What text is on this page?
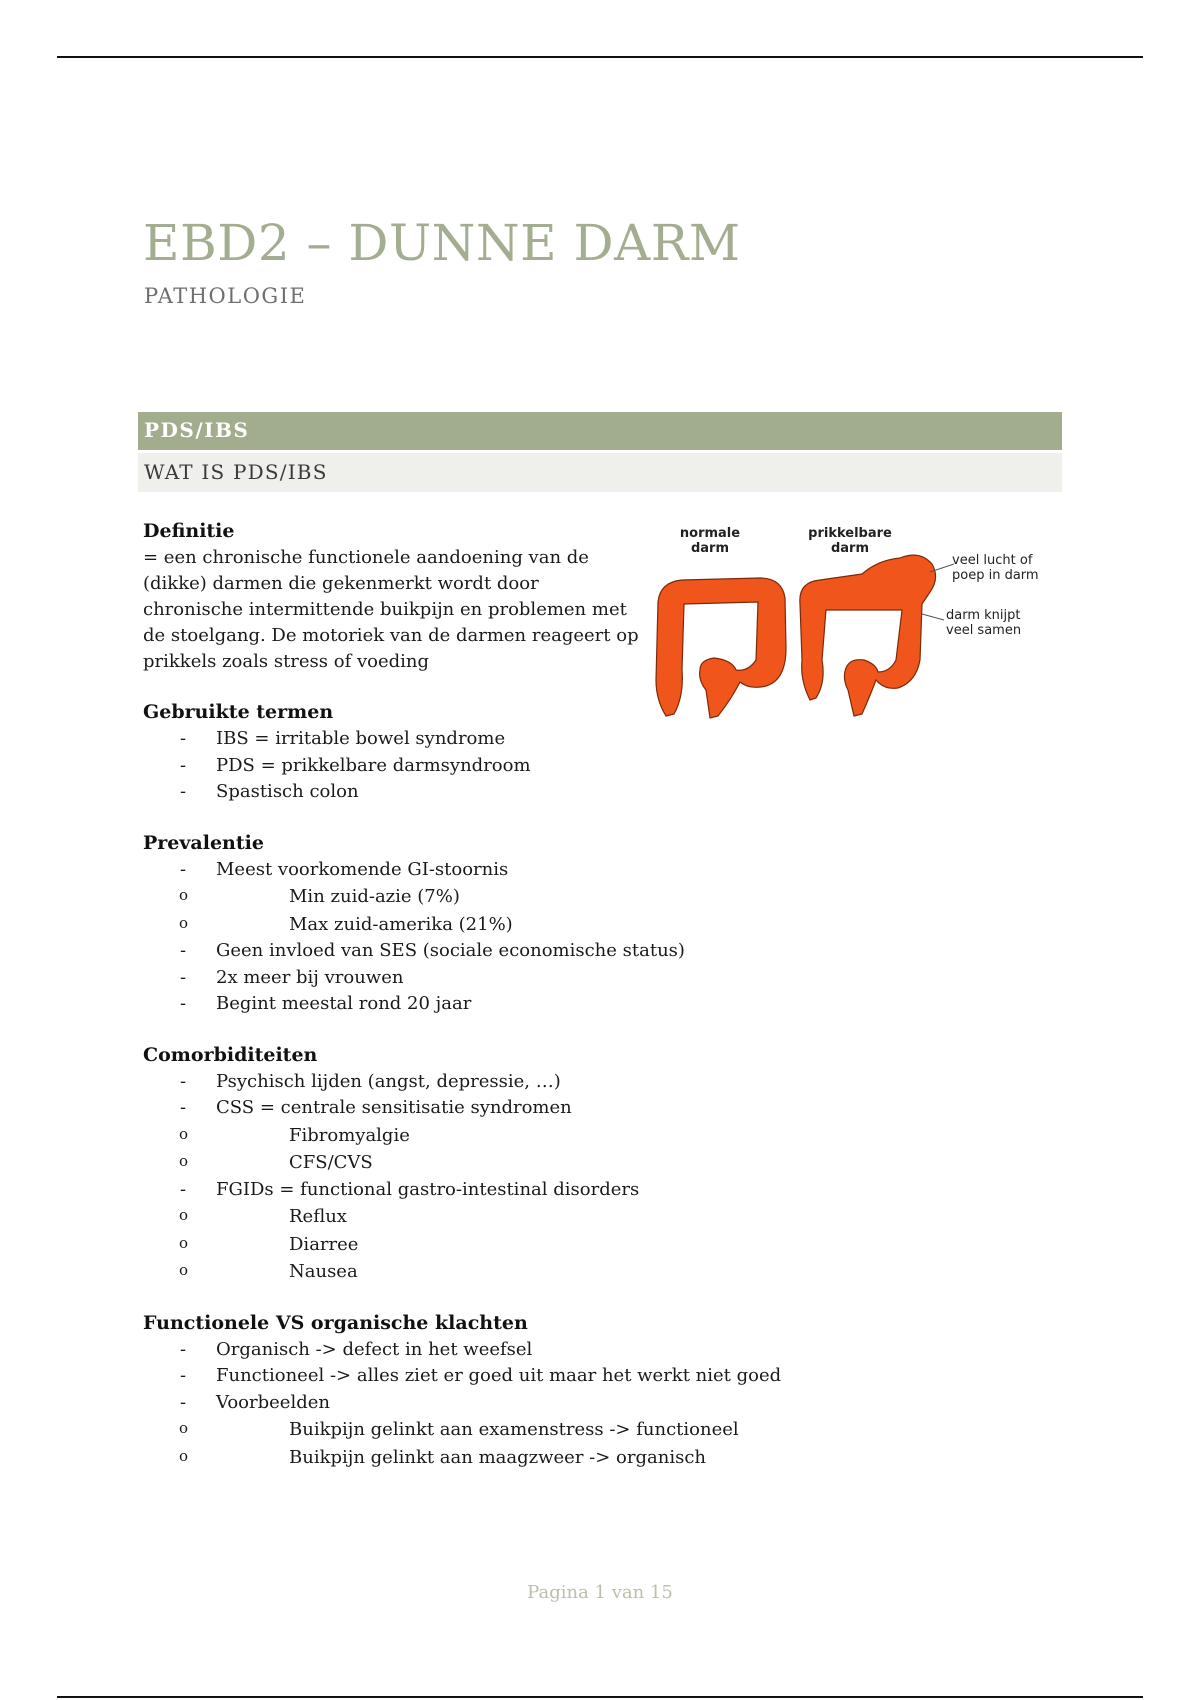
EBD2 – DUNNE DARM
PATHOLOGIE
PDS/IBS
WAT IS PDS/IBS
Definitie

= een chronische functionele aandoening van de

(dikke) darmen die gekenmerkt wordt door

chronische intermittende buikpijn en problemen met

de stoelgang. De motoriek van de darmen reageert op

prikkels zoals stress of voeding

Gebruikte termen
- IBS = irritable bowel syndrome
- PDS = prikkelbare darmsyndroom
- Spastisch colon
Prevalentie
- Meest voorkomende GI-stoornis
o Min zuid-azie (7%)
o Max zuid-amerika (21%)
- Geen invloed van SES (sociale economische status)
- 2x meer bij vrouwen
- Begint meestal rond 20 jaar
Comorbiditeiten
- Psychisch lijden (angst, depressie, …)
- CSS = centrale sensitisatie syndromen
o Fibromyalgie
o CFS/CVS
- FGIDs = functional gastro-intestinal disorders
o Reflux
o Diarree
o Nausea
Functionele VS organische klachten
- Organisch -> defect in het weefsel
- Functioneel -> alles ziet er goed uit maar het werkt niet goed
- Voorbeelden
o Buikpijn gelinkt aan examenstress -> functioneel
o Buikpijn gelinkt aan maagzweer -> organisch
normale
darm
prikkelbare
darm
veel lucht of
poep in darm
darm knijpt
veel samen
Pagina 1 van 15
